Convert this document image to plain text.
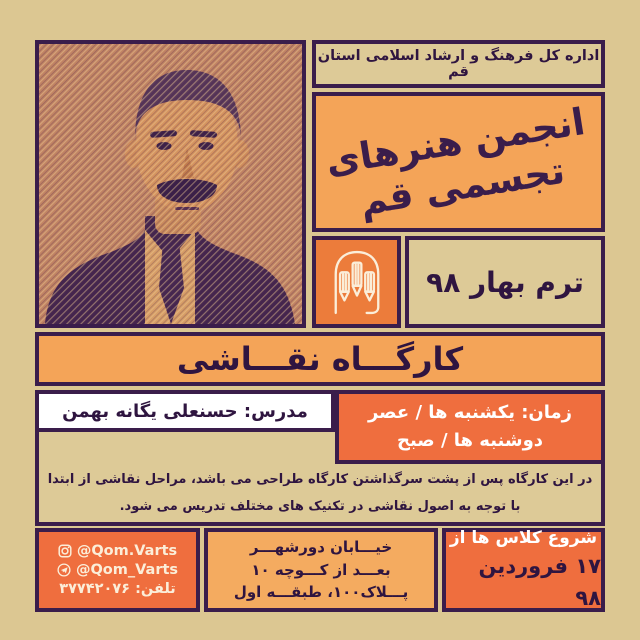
اداره کل فرهنگ و ارشاد اسلامی استان قم
انجمن هنرهای تجسمی قم
ترم بهار ۹۸
کارگـــاه نقـــاشی
مدرس: حسنعلی یگانه بهمن	زمان: یکشنبه ها / عصر
دوشنبه ها / صبح
در این کارگاه پس از پشت سرگذاشتن کارگاه طراحی می باشد، مراحل نقاشی از ابتدا با توجه به اصول نقاشی در تکنیک های مختلف تدریس می شود.
@Qom.Varts
@Qom_Varts
تلفن: ۳۷۷۴۲۰۷۶
خیـــابان دورشهـــر
بعـــد از کـــوچه ۱۰
پـــلاک۱۰۰، طبقـــه اول
شروع کلاس ها از
۱۷ فروردین ۹۸
